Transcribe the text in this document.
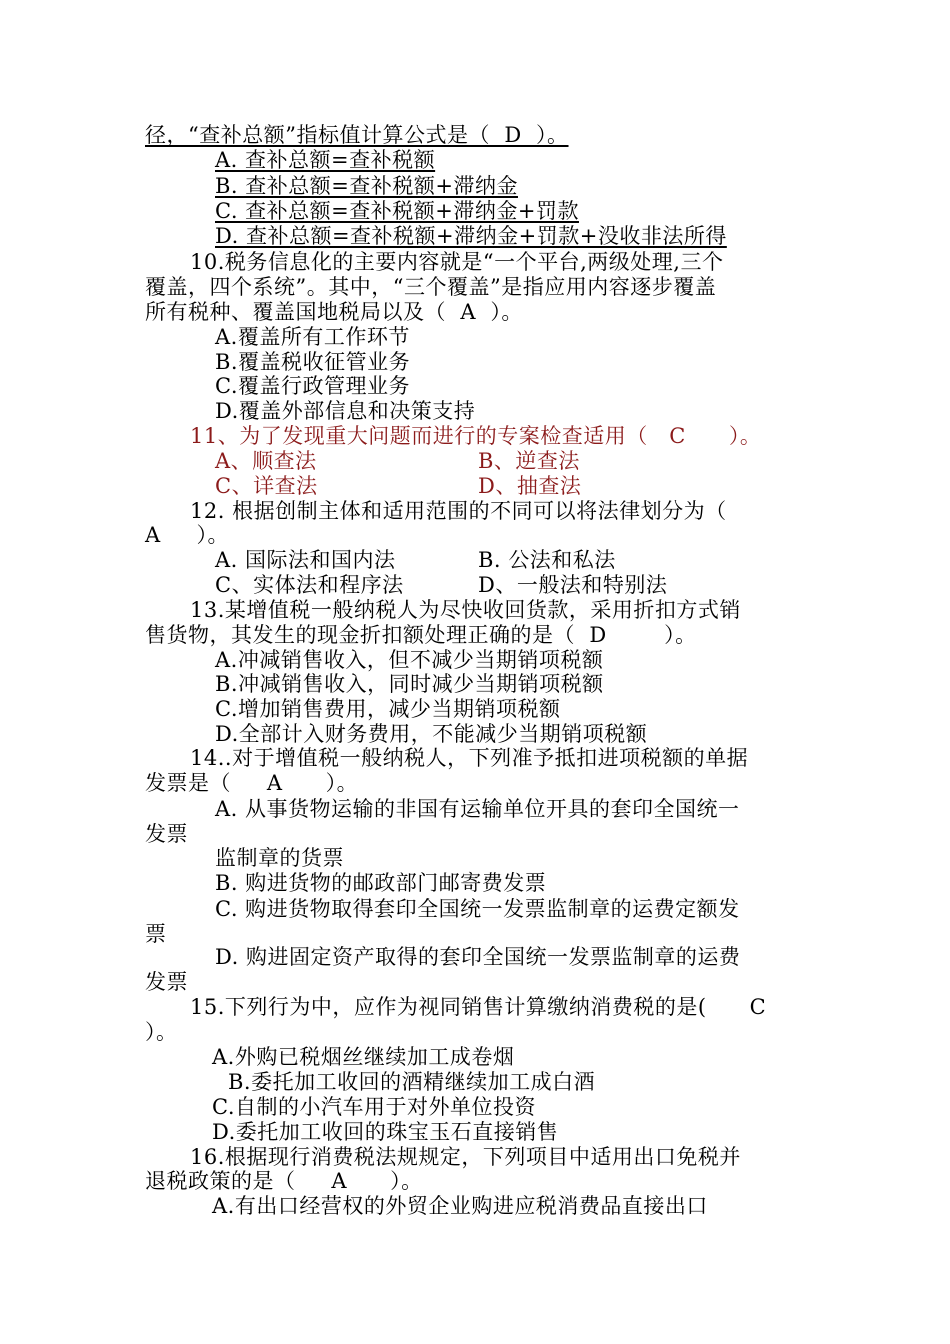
径，“查补总额”指标值计算公式是（  D  ）。
A. 查补总额=查补税额
B. 查补总额=查补税额+滞纳金
C. 查补总额=查补税额+滞纳金+罚款
D. 查补总额=查补税额+滞纳金+罚款+没收非法所得
10.税务信息化的主要内容就是“一个平台,两级处理,三个
覆盖，四个系统”。其中，“三个覆盖”是指应用内容逐步覆盖
所有税种、覆盖国地税局以及（  A  ）。
A.覆盖所有工作环节
B.覆盖税收征管业务
C.覆盖行政管理业务
D.覆盖外部信息和决策支持
11、为了发现重大问题而进行的专案检查适用（   C      ）。
A、顺查法	B、逆查法
C、详查法	D、抽查法
12. 根据创制主体和适用范围的不同可以将法律划分为（
A     ）。
A. 国际法和国内法	B. 公法和私法
C、实体法和程序法	D、一般法和特别法
13.某增值税一般纳税人为尽快收回货款，采用折扣方式销
售货物，其发生的现金折扣额处理正确的是（  D        ）。
A.冲减销售收入，但不减少当期销项税额
B.冲减销售收入，同时减少当期销项税额
C.增加销售费用，减少当期销项税额
D.全部计入财务费用，不能减少当期销项税额
14..对于增值税一般纳税人，下列准予抵扣进项税额的单据
发票是（     A      ）。
A. 从事货物运输的非国有运输单位开具的套印全国统一
发票
监制章的货票
B. 购进货物的邮政部门邮寄费发票
C. 购进货物取得套印全国统一发票监制章的运费定额发
票
D. 购进固定资产取得的套印全国统一发票监制章的运费
发票
15.下列行为中，应作为视同销售计算缴纳消费税的是(      C
）。
A.外购已税烟丝继续加工成卷烟
B.委托加工收回的酒精继续加工成白酒
C.自制的小汽车用于对外单位投资
D.委托加工收回的珠宝玉石直接销售
16.根据现行消费税法规规定，下列项目中适用出口免税并
退税政策的是（     A      ）。
A.有出口经营权的外贸企业购进应税消费品直接出口
